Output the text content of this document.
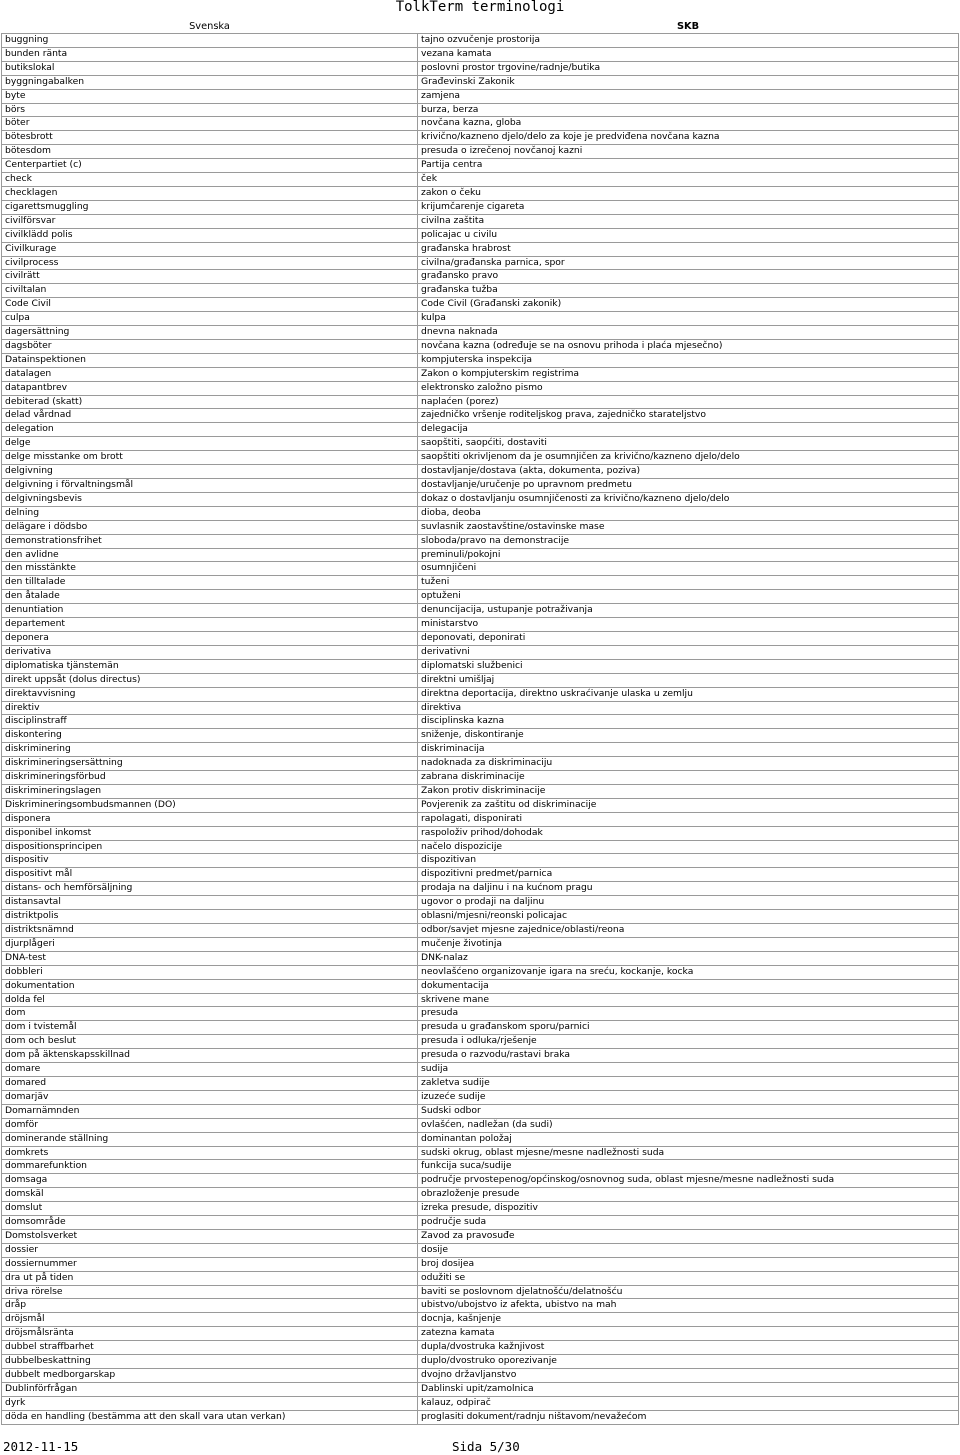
TolkTerm terminologi
Svenska	SKB
buggning	tajno ozvučenje prostorija
bunden ränta	vezana kamata
butikslokal	poslovni prostor trgovine/radnje/butika
byggningabalken	Građevinski Zakonik
byte	zamjena
börs	burza, berza
böter	novčana kazna, globa
bötesbrott	krivično/kazneno djelo/delo za koje je predviđena novčana kazna
bötesdom	presuda o izrečenoj novčanoj kazni
Centerpartiet (c)	Partija centra
check	ček
checklagen	zakon o čeku
cigarettsmuggling	krijumčarenje cigareta
civilförsvar	civilna zaštita
civilklädd polis	policajac u civilu
Civilkurage	građanska hrabrost
civilprocess	civilna/građanska parnica, spor
civilrätt	građansko pravo
civiltalan	građanska tužba
Code Civil	Code Civil (Građanski zakonik)
culpa	kulpa
dagersättning	dnevna naknada
dagsböter	novčana kazna (određuje se na osnovu prihoda i plaća mjesečno)
Datainspektionen	kompjuterska inspekcija
datalagen	Zakon o kompjuterskim registrima
datapantbrev	elektronsko založno pismo
debiterad (skatt)	naplaćen (porez)
delad vårdnad	zajedničko vršenje roditeljskog prava, zajedničko starateljstvo
delegation	delegacija
delge	saopštiti, saopćiti, dostaviti
delge misstanke om brott	saopštiti okrivljenom da je osumnjičen za krivično/kazneno djelo/delo
delgivning	dostavljanje/dostava (akta, dokumenta, poziva)
delgivning i förvaltningsmål	dostavljanje/uručenje po upravnom predmetu
delgivningsbevis	dokaz o dostavljanju osumnjičenosti za krivično/kazneno djelo/delo
delning	dioba, deoba
delägare i dödsbo	suvlasnik zaostavštine/ostavinske mase
demonstrationsfrihet	sloboda/pravo na demonstracije
den avlidne	preminuli/pokojni
den misstänkte	osumnjičeni
den tilltalade	tuženi
den åtalade	optuženi
denuntiation	denuncijacija, ustupanje potraživanja
departement	ministarstvo
deponera	deponovati, deponirati
derivativa	derivativni
diplomatiska tjänstemän	diplomatski službenici
direkt uppsåt (dolus directus)	direktni umišljaj
direktavvisning	direktna deportacija, direktno uskraćivanje ulaska u zemlju
direktiv	direktiva
disciplinstraff	disciplinska kazna
diskontering	sniženje, diskontiranje
diskriminering	diskriminacija
diskrimineringsersättning	nadoknada za diskriminaciju
diskrimineringsförbud	zabrana diskriminacije
diskrimineringslagen	Zakon protiv diskriminacije
Diskrimineringsombudsmannen (DO)	Povjerenik za zaštitu od diskriminacije
disponera	rapolagati, disponirati
disponibel inkomst	raspoloživ prihod/dohodak
dispositionsprincipen	načelo dispozicije
dispositiv	dispozitivan
dispositivt mål	dispozitivni predmet/parnica
distans- och hemförsäljning	prodaja na daljinu i na kućnom pragu
distansavtal	ugovor o prodaji na daljinu
distriktpolis	oblasni/mjesni/reonski policajac
distriktsnämnd	odbor/savjet mjesne zajednice/oblasti/reona
djurplågeri	mučenje životinja
DNA-test	DNK-nalaz
dobbleri	neovlašćeno organizovanje igara na sreću, kockanje, kocka
dokumentation	dokumentacija
dolda fel	skrivene mane
dom	presuda
dom i tvistemål	presuda u građanskom sporu/parnici
dom och beslut	presuda i odluka/rješenje
dom på äktenskapsskillnad	presuda o razvodu/rastavi braka
domare	sudija
domared	zakletva sudije
domarjäv	izuzeće sudije
Domarnämnden	Sudski odbor
domför	ovlašćen, nadležan (da sudi)
dominerande ställning	dominantan položaj
domkrets	sudski okrug, oblast mjesne/mesne nadležnosti suda
dommarefunktion	funkcija suca/sudije
domsaga	područje prvostepenog/općinskog/osnovnog suda, oblast mjesne/mesne nadležnosti suda
domskäl	obrazloženje presude
domslut	izreka presude, dispozitiv
domsområde	područje suda
Domstolsverket	Zavod za pravosuđe
dossier	dosije
dossiernummer	broj dosijea
dra ut på tiden	odužiti se
driva rörelse	baviti se poslovnom djelatnošću/delatnošću
dråp	ubistvo/ubojstvo iz afekta, ubistvo na mah
dröjsmål	docnja, kašnjenje
dröjsmålsränta	zatezna kamata
dubbel straffbarhet	dupla/dvostruka kažnjivost
dubbelbeskattning	duplo/dvostruko oporezivanje
dubbelt medborgarskap	dvojno državljanstvo
Dublinförfrågan	Dablinski upit/zamolnica
dyrk	kalauz, odpirač
döda en handling (bestämma att den skall vara utan verkan)	proglasiti dokument/radnju ništavom/nevažećom
2012-11-15	Sida 5/30
